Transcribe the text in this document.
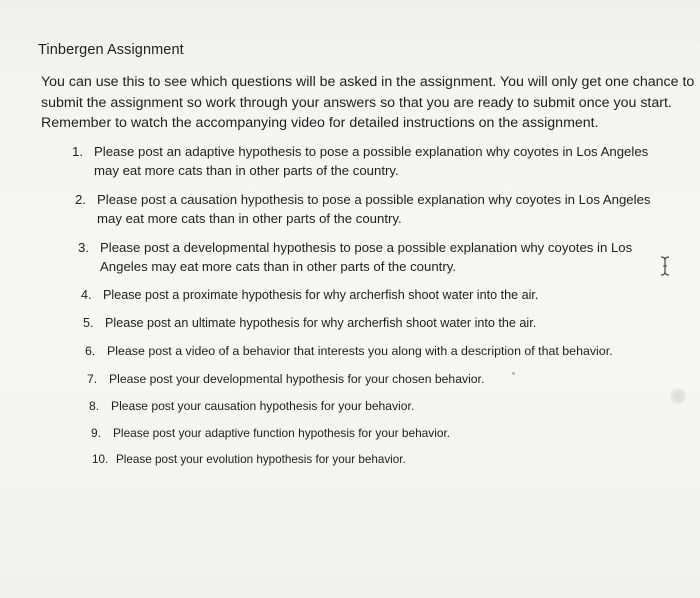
Tinbergen Assignment
You can use this to see which questions will be asked in the assignment. You will only get one chance to
submit the assignment so work through your answers so that you are ready to submit once you start.
Remember to watch the accompanying video for detailed instructions on the assignment.
1. Please post an adaptive hypothesis to pose a possible explanation why coyotes in Los Angeles
may eat more cats than in other parts of the country.
2. Please post a causation hypothesis to pose a possible explanation why coyotes in Los Angeles
may eat more cats than in other parts of the country.
3. Please post a developmental hypothesis to pose a possible explanation why coyotes in Los
Angeles may eat more cats than in other parts of the country.
4. Please post a proximate hypothesis for why archerfish shoot water into the air.
5. Please post an ultimate hypothesis for why archerfish shoot water into the air.
6. Please post a video of a behavior that interests you along with a description of that behavior.
7. Please post your developmental hypothesis for your chosen behavior.
8. Please post your causation hypothesis for your behavior.
9. Please post your adaptive function hypothesis for your behavior.
10. Please post your evolution hypothesis for your behavior.
